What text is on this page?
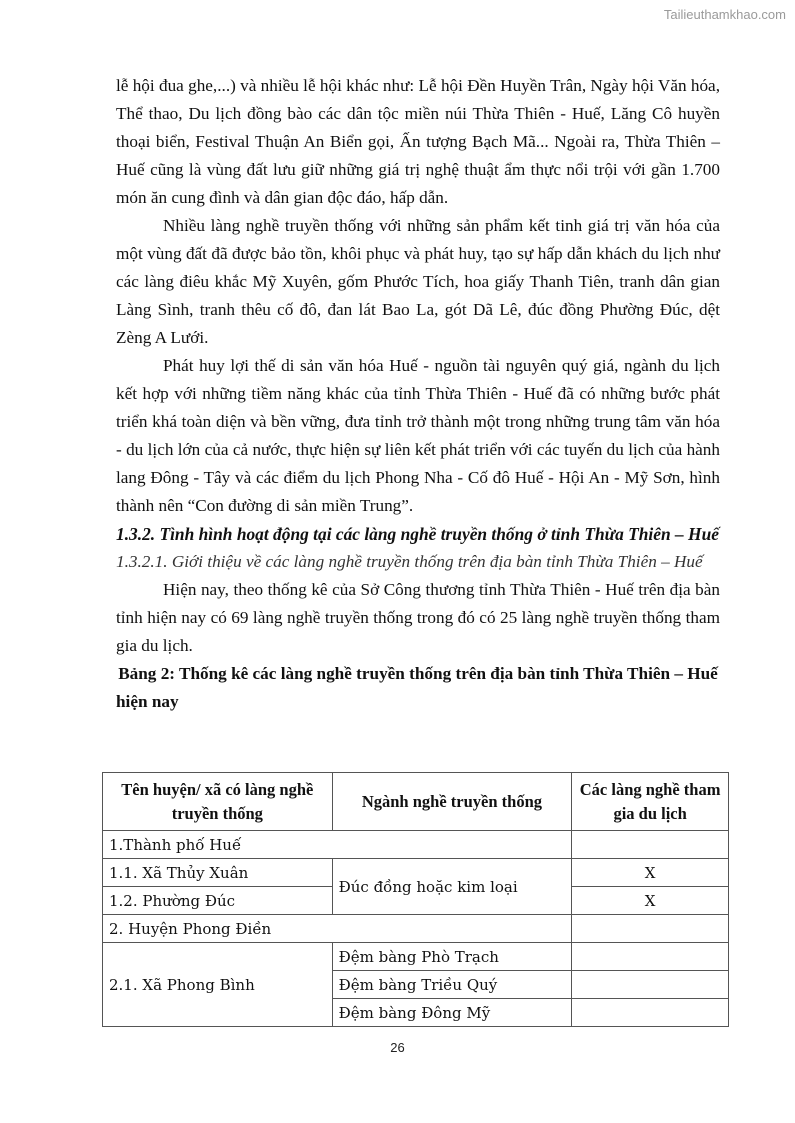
Tailieuthamkhao.com

lễ hội đua ghe,...) và nhiều lễ hội khác như: Lễ hội Đền Huyền Trân, Ngày hội Văn hóa, Thể thao, Du lịch đồng bào các dân tộc miền núi Thừa Thiên - Huế, Lăng Cô huyền thoại biển, Festival Thuận An Biển gọi, Ấn tượng Bạch Mã... Ngoài ra, Thừa Thiên – Huế cũng là vùng đất lưu giữ những giá trị nghệ thuật ẩm thực nổi trội với gần 1.700 món ăn cung đình và dân gian độc đáo, hấp dẫn.

Nhiều làng nghề truyền thống với những sản phẩm kết tinh giá trị văn hóa của một vùng đất đã được bảo tồn, khôi phục và phát huy, tạo sự hấp dẫn khách du lịch như các làng điêu khắc Mỹ Xuyên, gốm Phước Tích, hoa giấy Thanh Tiên, tranh dân gian Làng Sình, tranh thêu cố đô, đan lát Bao La, gót Dã Lê, đúc đồng Phường Đúc, dệt Zèng A Lưới.

Phát huy lợi thế di sản văn hóa Huế - nguồn tài nguyên quý giá, ngành du lịch kết hợp với những tiềm năng khác của tỉnh Thừa Thiên - Huế đã có những bước phát triển khá toàn diện và bền vững, đưa tỉnh trở thành một trong những trung tâm văn hóa - du lịch lớn của cả nước, thực hiện sự liên kết phát triển với các tuyến du lịch của hành lang Đông - Tây và các điểm du lịch Phong Nha - Cố đô Huế - Hội An - Mỹ Sơn, hình thành nên “Con đường di sản miền Trung”.

1.3.2. Tình hình hoạt động tại các làng nghề truyền thống ở tỉnh Thừa Thiên – Huế

1.3.2.1. Giới thiệu về các làng nghề truyền thống trên địa bàn tỉnh Thừa Thiên – Huế

Hiện nay, theo thống kê của Sở Công thương tỉnh Thừa Thiên - Huế trên địa bàn tỉnh hiện nay có 69 làng nghề truyền thống trong đó có 25 làng nghề truyền thống tham gia du lịch.

Bảng 2: Thống kê các làng nghề truyền thống trên địa bàn tỉnh Thừa Thiên – Huế hiện nay

Tên huyện/ xã có làng nghề truyền thống	Ngành nghề truyền thống	Các làng nghề tham gia du lịch
1.Thành phố Huế		
1.1. Xã Thủy Xuân	Đúc đồng hoặc kim loại	X
1.2. Phường Đúc		X
2. Huyện Phong Điền		
2.1. Xã Phong Bình	Đệm bàng Phò Trạch	
	Đệm bàng Triều Quý	
	Đệm bàng Đông Mỹ	
26
